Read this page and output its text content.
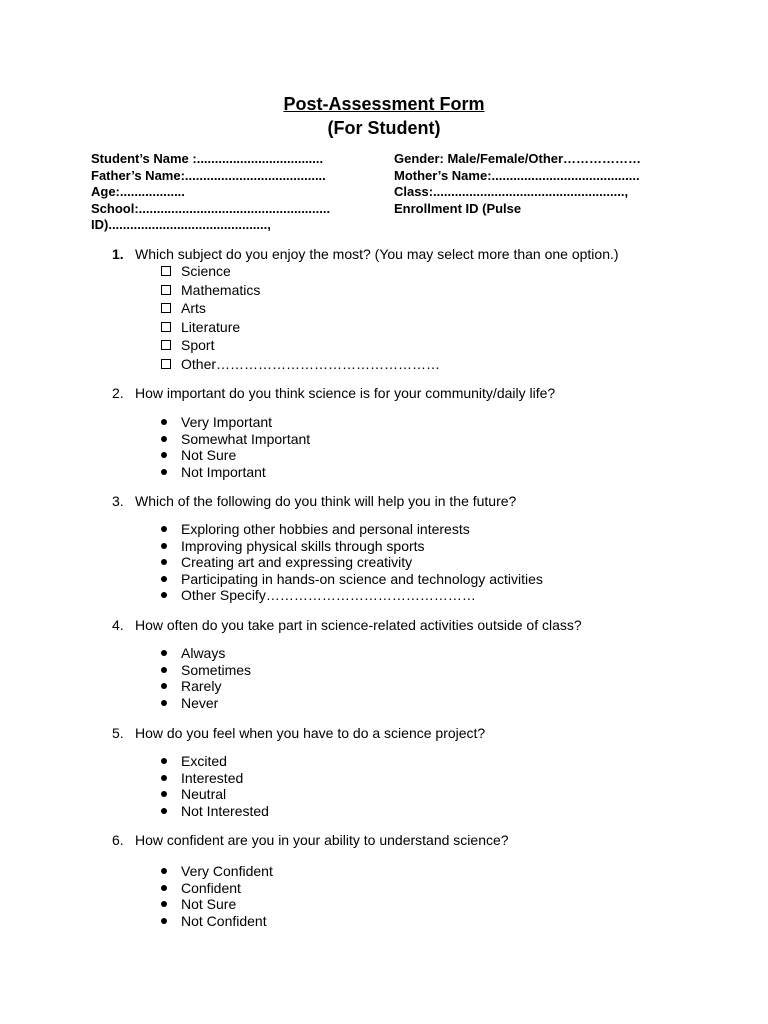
Post-Assessment Form
(For Student)
Student’s Name :...................................
Father’s Name:.......................................
Age:..................
School:.....................................................
ID)............................................,
Gender: Male/Female/Other………………
Mother’s Name:.........................................
Class:.....................................................,
Enrollment ID (Pulse
1. Which subject do you enjoy the most? (You may select more than one option.)
Science
Mathematics
Arts
Literature
Sport
Other…………………………………………
2. How important do you think science is for your community/daily life?
Very Important
Somewhat Important
Not Sure
Not Important
3. Which of the following do you think will help you in the future?
Exploring other hobbies and personal interests
Improving physical skills through sports
Creating art and expressing creativity
Participating in hands-on science and technology activities
Other Specify………………………………………
4. How often do you take part in science-related activities outside of class?
Always
Sometimes
Rarely
Never
5. How do you feel when you have to do a science project?
Excited
Interested
Neutral
Not Interested
6. How confident are you in your ability to understand science?
Very Confident
Confident
Not Sure
Not Confident
